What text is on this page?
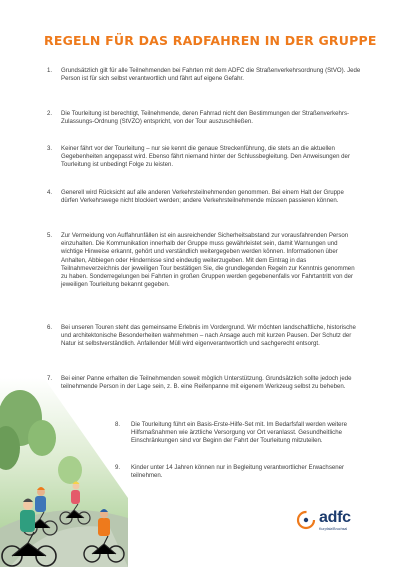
REGELN FÜR DAS RADFAHREN IN DER GRUPPE
1. Grundsätzlich gilt für alle Teilnehmenden bei Fahrten mit dem ADFC die Straßenverkehrsordnung (StVO). Jede Person ist für sich selbst verantwortlich und fährt auf eigene Gefahr.
2. Die Tourleitung ist berechtigt, Teilnehmende, deren Fahrrad nicht den Bestimmungen der Straßenverkehrs-Zulassungs-Ordnung (StVZO) entspricht, von der Tour auszuschließen.
3. Keiner fährt vor der Tourleitung – nur sie kennt die genaue Streckenführung, die stets an die aktuellen Gegebenheiten angepasst wird. Ebenso fährt niemand hinter der Schlussbegleitung. Den Anweisungen der Tourleitung ist unbedingt Folge zu leisten.
4. Generell wird Rücksicht auf alle anderen Verkehrsteilnehmenden genommen. Bei einem Halt der Gruppe dürfen Verkehrswege nicht blockiert werden; andere Verkehrsteilnehmende müssen passieren können.
5. Zur Vermeidung von Auffahrunfällen ist ein ausreichender Sicherheitsabstand zur vorausfahrenden Person einzuhalten. Die Kommunikation innerhalb der Gruppe muss gewährleistet sein, damit Warnungen und wichtige Hinweise erkannt, gehört und verständlich weitergegeben werden können. Informationen über Anhalten, Abbiegen oder Hindernisse sind eindeutig weiterzugeben. Mit dem Eintrag in das Teilnahmeverzeichnis der jeweiligen Tour bestätigen Sie, die grundlegenden Regeln zur Kenntnis genommen zu haben. Sonderregelungen bei Fahrten in großen Gruppen werden gegebenenfalls vor Fahrtantritt von der jeweiligen Tourleitung bekannt gegeben.
6. Bei unseren Touren steht das gemeinsame Erlebnis im Vordergrund. Wir möchten landschaftliche, historische und architektonische Besonderheiten wahrnehmen – nach Ansage auch mit kurzen Pausen. Der Schutz der Natur ist selbstverständlich. Anfallender Müll wird eigenverantwortlich und sachgerecht entsorgt.
7. Bei einer Panne erhalten die Teilnehmenden soweit möglich Unterstützung. Grundsätzlich sollte jedoch jede teilnehmende Person in der Lage sein, z. B. eine Reifenpanne mit eigenem Werkzeug selbst zu beheben.
8. Die Tourleitung führt ein Basis-Erste-Hilfe-Set mit. Im Bedarfsfall werden weitere Hilfsmaßnahmen wie ärztliche Versorgung vor Ort veranlasst. Gesundheitliche Einschränkungen sind vor Beginn der Fahrt der Tourleitung mitzuteilen.
9. Kinder unter 14 Jahren können nur in Begleitung verantwortlicher Erwachsener teilnehmen.
adfc
Kurpfalz/Bruchsal
